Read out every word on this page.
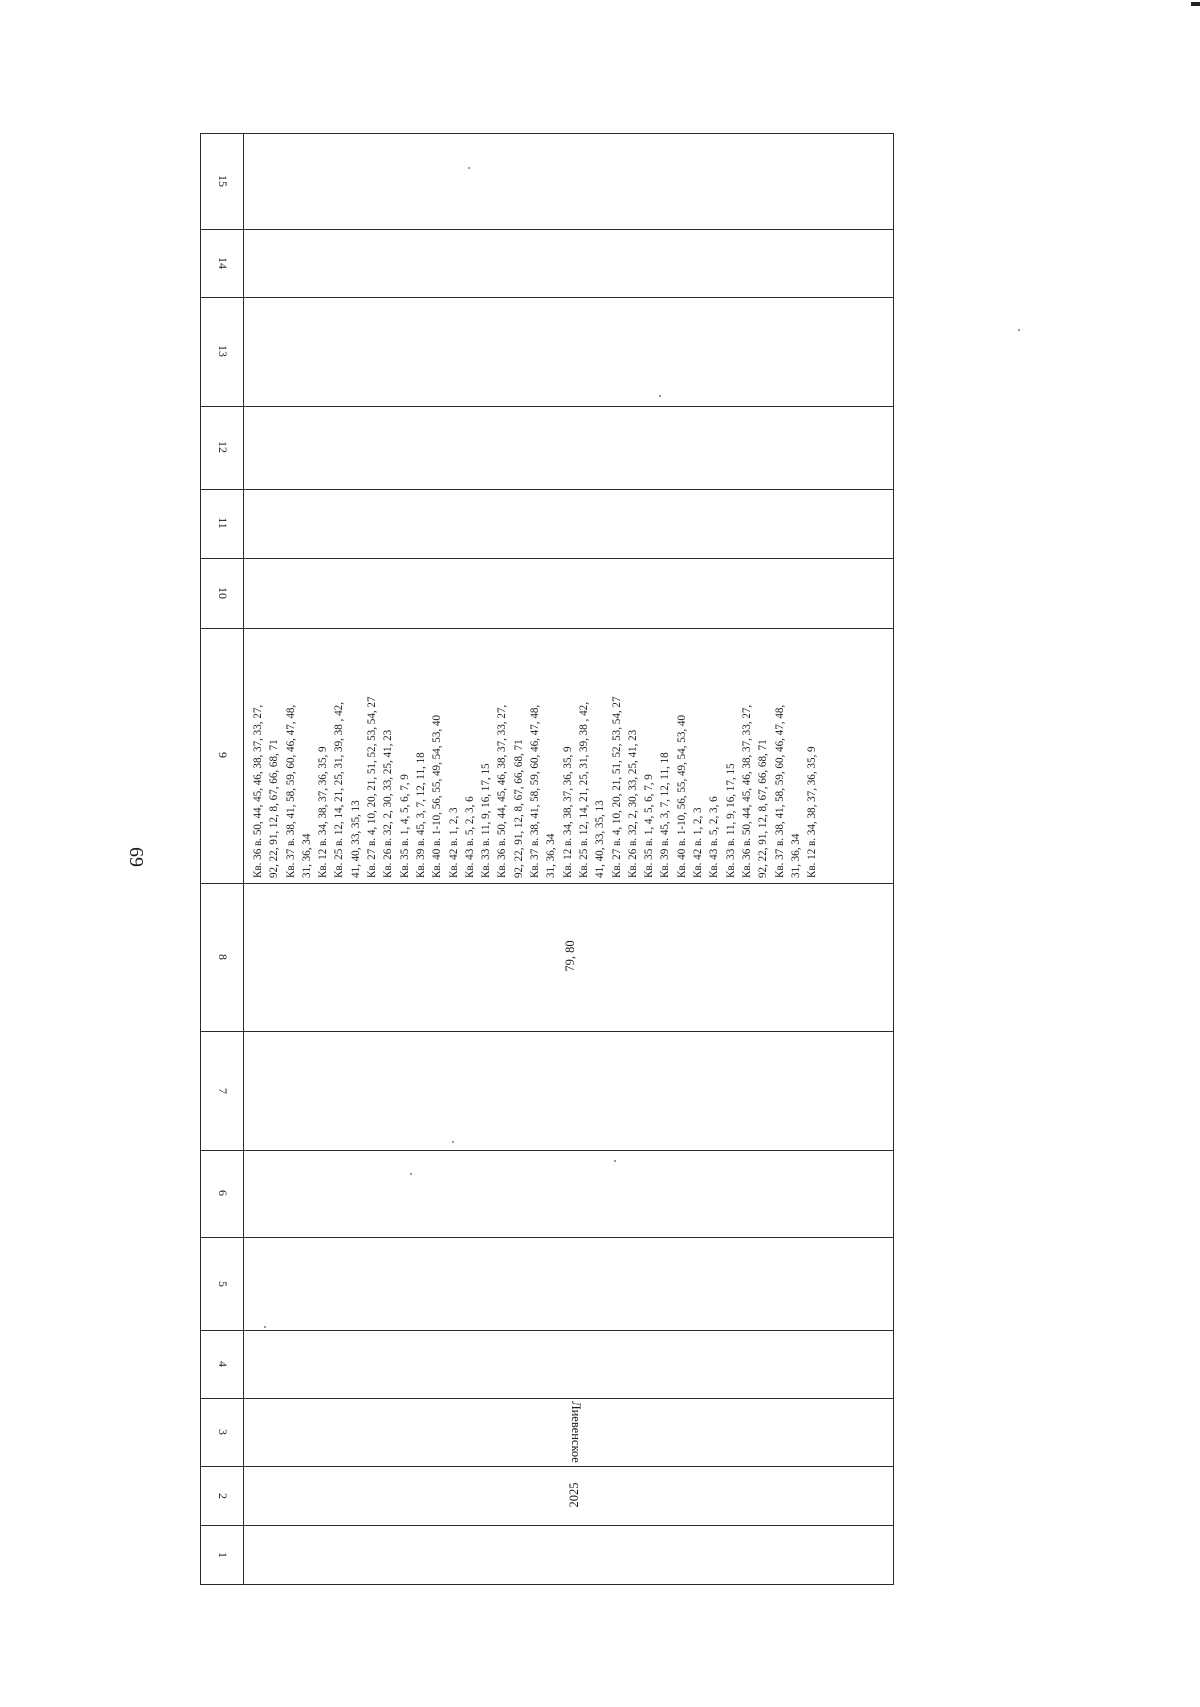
69
15
14
13
12
11
10
9
8
7
6
5
4
3
2
1
2025
Лиевенское
79, 80
Кв. 36 в. 50, 44, 45, 46, 38, 37, 33, 27, 92, 22, 91, 12, 8, 67, 66, 68, 71 Кв. 37 в. 38, 41, 58, 59, 60, 46, 47, 48, 31, 36, 34 Кв. 12 в. 34, 38, 37, 36, 35, 9 Кв. 25 в. 12, 14, 21, 25, 31, 39, 38 , 42, 41, 40, 33, 35, 13 Кв. 27 в. 4, 10, 20, 21, 51, 52, 53, 54, 27 Кв. 26 в. 32, 2, 30, 33, 25, 41, 23 Кв. 35 в. 1, 4, 5, 6, 7, 9 Кв. 39 в. 45, 3, 7, 12, 11, 18 Кв. 40 в. 1-10, 56, 55, 49, 54, 53, 40 Кв. 42 в. 1, 2, 3 Кв. 43 в. 5, 2, 3, 6 Кв. 33 в. 11, 9, 16, 17, 15 Кв. 36 в. 50, 44, 45, 46, 38, 37, 33, 27, 92, 22, 91, 12, 8, 67, 66, 68, 71 Кв. 37 в. 38, 41, 58, 59, 60, 46, 47, 48, 31, 36, 34 Кв. 12 в. 34, 38, 37, 36, 35, 9 Кв. 25 в. 12, 14, 21, 25, 31, 39, 38 , 42, 41, 40, 33, 35, 13 Кв. 27 в. 4, 10, 20, 21, 51, 52, 53, 54, 27 Кв. 26 в. 32, 2, 30, 33, 25, 41, 23 Кв. 35 в. 1, 4, 5, 6, 7, 9 Кв. 39 в. 45, 3, 7, 12, 11, 18 Кв. 40 в. 1-10, 56, 55, 49, 54, 53, 40 Кв. 42 в. 1, 2, 3 Кв. 43 в. 5, 2, 3, 6 Кв. 33 в. 11, 9, 16, 17, 15 Кв. 36 в. 50, 44, 45, 46, 38, 37, 33, 27, 92, 22, 91, 12, 8, 67, 66, 68, 71 Кв. 37 в. 38, 41, 58, 59, 60, 46, 47, 48, 31, 36, 34 Кв. 12 в. 34, 38, 37, 36, 35, 9
